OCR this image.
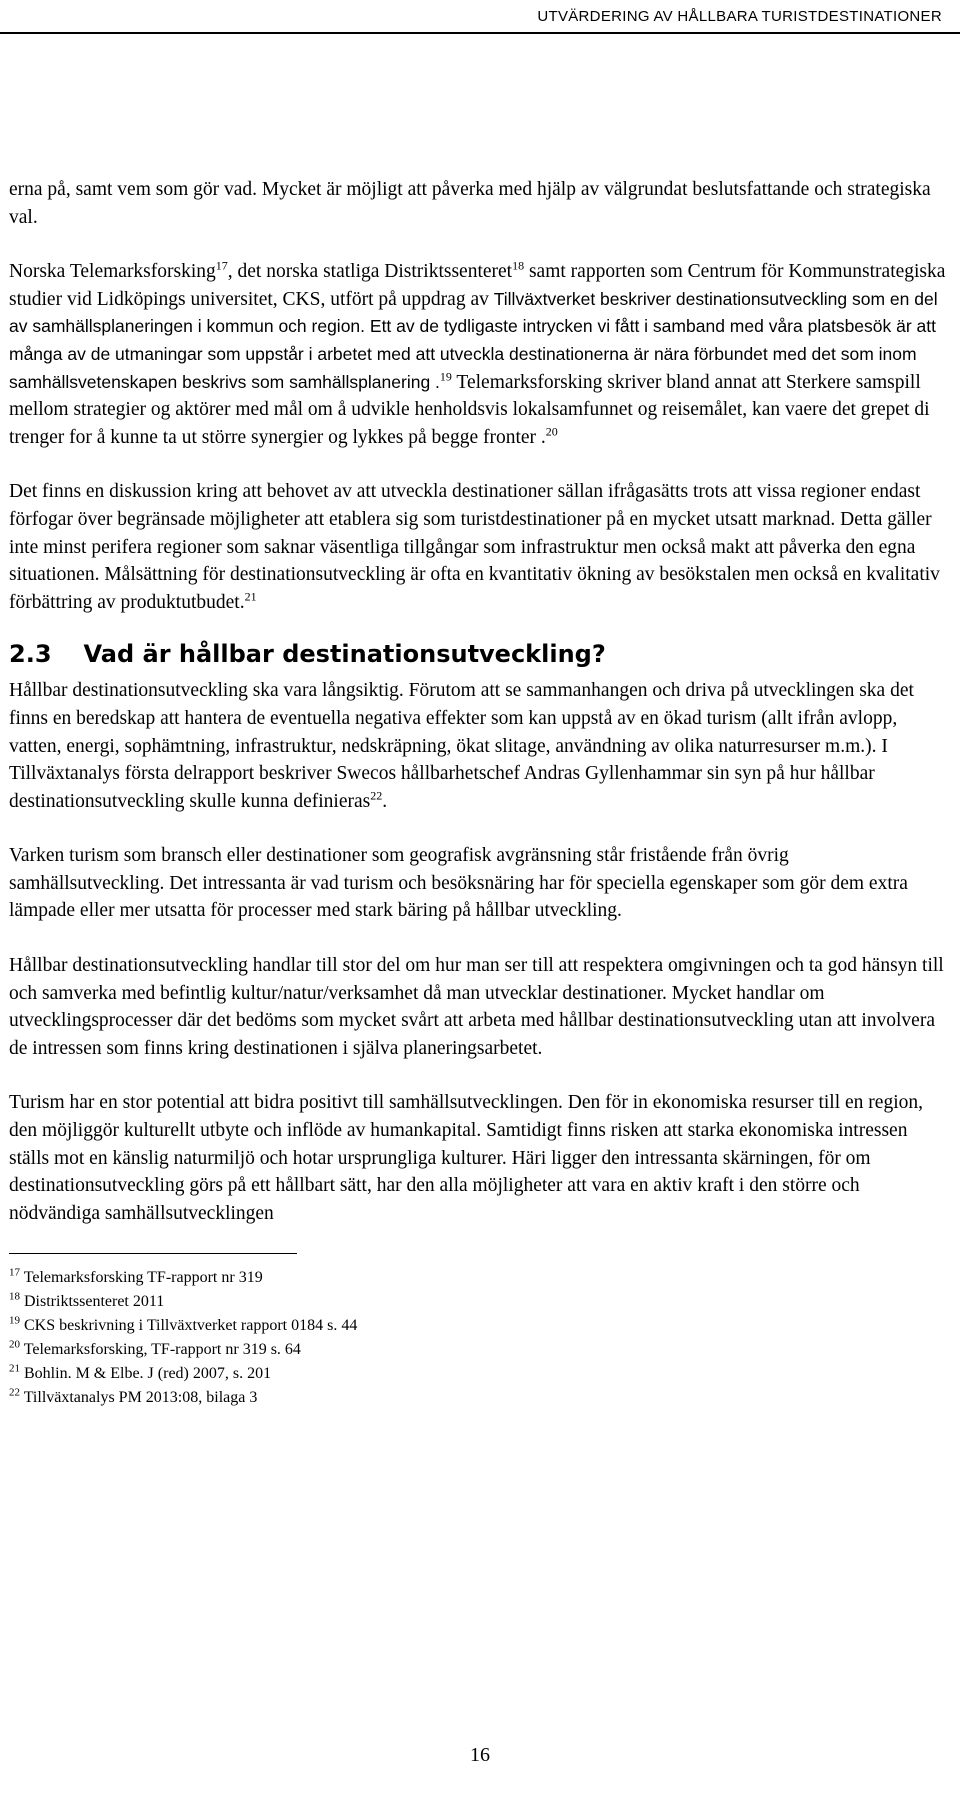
UTVÄRDERING AV HÅLLBARA TURISTDESTINATIONER

erna på, samt vem som gör vad. Mycket är möjligt att påverka med hjälp av välgrundat beslutsfattande och strategiska val.

Norska Telemarksforsking$^{17}$, det norska statliga Distriktssenteret$^{18}$ samt rapporten som Centrum för Kommunstrategiska studier vid Lidköpings universitet, CKS, utfört på uppdrag av Tillväxtverket beskriver destinationsutveckling som en del av samhällsplaneringen i kommun och region. Ett av de tydligaste intrycken vi fått i samband med våra platsbesök är att många av de utmaningar som uppstår i arbetet med att utveckla destinationerna är nära förbundet med det som inom samhällsvetenskapen beskrivs som samhällsplanering .$^{19}$ Telemarksforsking skriver bland annat att Sterkere samspill mellom strategier og aktörer med mål om å udvikle henholdsvis lokalsamfunnet og reisemålet, kan vaere det grepet di trenger for å kunne ta ut större synergier og lykkes på begge fronter .$^{20}$

Det finns en diskussion kring att behovet av att utveckla destinationer sällan ifrågasätts trots att vissa regioner endast förfogar över begränsade möjligheter att etablera sig som turistdestinationer på en mycket utsatt marknad. Detta gäller inte minst perifera regioner som saknar väsentliga tillgångar som infrastruktur men också makt att påverka den egna situationen. Målsättning för destinationsutveckling är ofta en kvantitativ ökning av besökstalen men också en kvalitativ förbättring av produktutbudet.$^{21}$

2.3 Vad är hållbar destinationsutveckling?

Hållbar destinationsutveckling ska vara långsiktig. Förutom att se sammanhangen och driva på utvecklingen ska det finns en beredskap att hantera de eventuella negativa effekter som kan uppstå av en ökad turism (allt ifrån avlopp, vatten, energi, sophämtning, infrastruktur, nedskräpning, ökat slitage, användning av olika naturresurser m.m.). I Tillväxtanalys första delrapport beskriver Swecos hållbarhetschef Andras Gyllenhammar sin syn på hur hållbar destinationsutveckling skulle kunna definieras$^{22}$.

Varken turism som bransch eller destinationer som geografisk avgränsning står fristående från övrig samhällsutveckling. Det intressanta är vad turism och besöksnäring har för speciella egenskaper som gör dem extra lämpade eller mer utsatta för processer med stark bäring på hållbar utveckling.

Hållbar destinationsutveckling handlar till stor del om hur man ser till att respektera omgivningen och ta god hänsyn till och samverka med befintlig kultur/natur/verksamhet då man utvecklar destinationer. Mycket handlar om utvecklingsprocesser där det bedöms som mycket svårt att arbeta med hållbar destinationsutveckling utan att involvera de intressen som finns kring destinationen i själva planeringsarbetet.

Turism har en stor potential att bidra positivt till samhällsutvecklingen. Den för in ekonomiska resurser till en region, den möjliggör kulturellt utbyte och inflöde av humankapital. Samtidigt finns risken att starka ekonomiska intressen ställs mot en känslig naturmiljö och hotar ursprungliga kulturer. Häri ligger den intressanta skärningen, för om destinationsutveckling görs på ett hållbart sätt, har den alla möjligheter att vara en aktiv kraft i den större och nödvändiga samhällsutvecklingen

$^{17}$ Telemarksforsking TF-rapport nr 319
$^{18}$ Distriktssenteret 2011
$^{19}$ CKS beskrivning i Tillväxtverket rapport 0184 s. 44
$^{20}$ Telemarksforsking, TF-rapport nr 319 s. 64
$^{21}$ Bohlin. M & Elbe. J (red) 2007, s. 201
$^{22}$ Tillväxtanalys PM 2013:08, bilaga 3
16
